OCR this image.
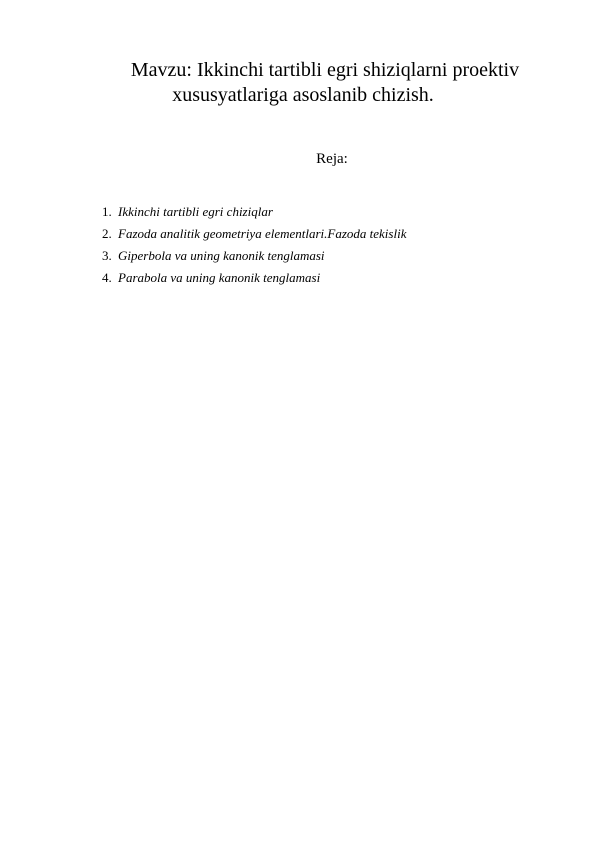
Mavzu: Ikkinchi tartibli egri shiziqlarni proektiv
xususyatlariga asoslanib chizish.
Reja:
1. Ikkinchi tartibli egri chiziqlar
2. Fazoda analitik geometriya elementlari.Fazoda tekislik
3. Giperbola va uning kanonik tenglamasi
4. Parabola va uning kanonik tenglamasi
